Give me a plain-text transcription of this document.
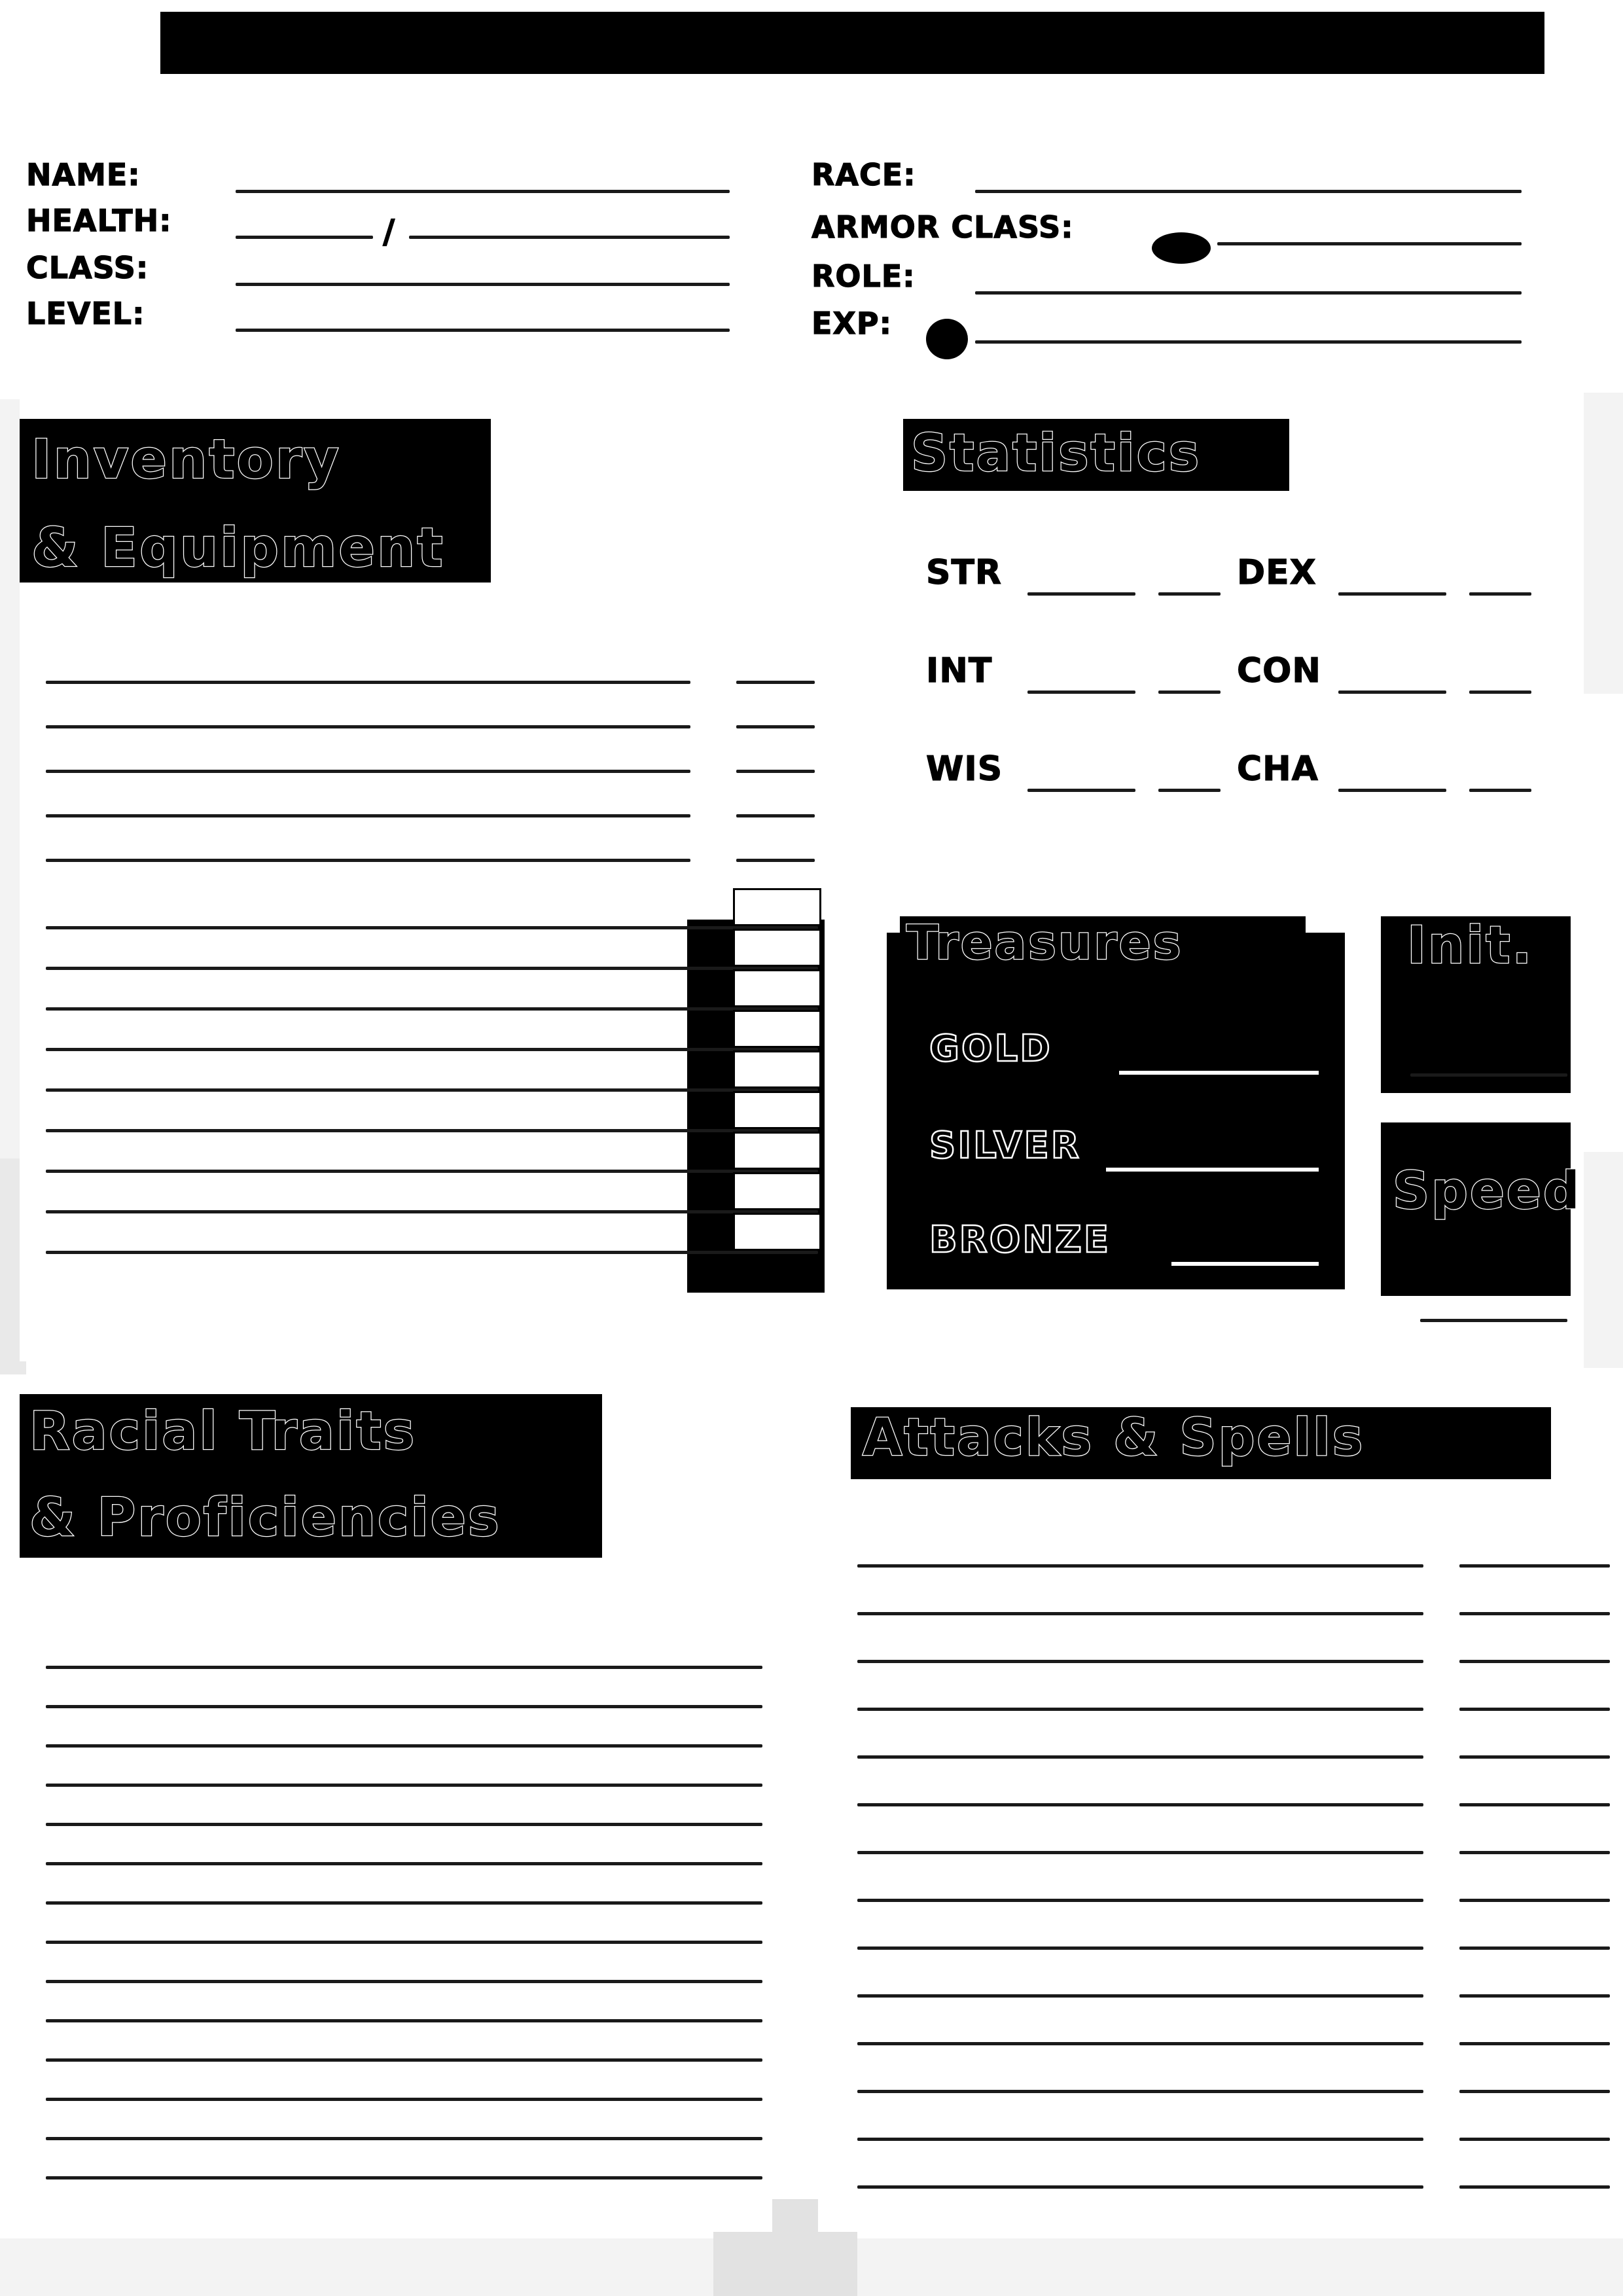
NAME:
HEALTH:	/
CLASS:
LEVEL:
RACE:
ARMOR CLASS:
ROLE:
EXP:
Inventory
& Equipment
Statistics
STR	DEX
INT	CON
WIS	CHA
Treasures
GOLD
SILVER
BRONZE
Init.
Speed
Racial Traits
& Proficiencies
Attacks & Spells
